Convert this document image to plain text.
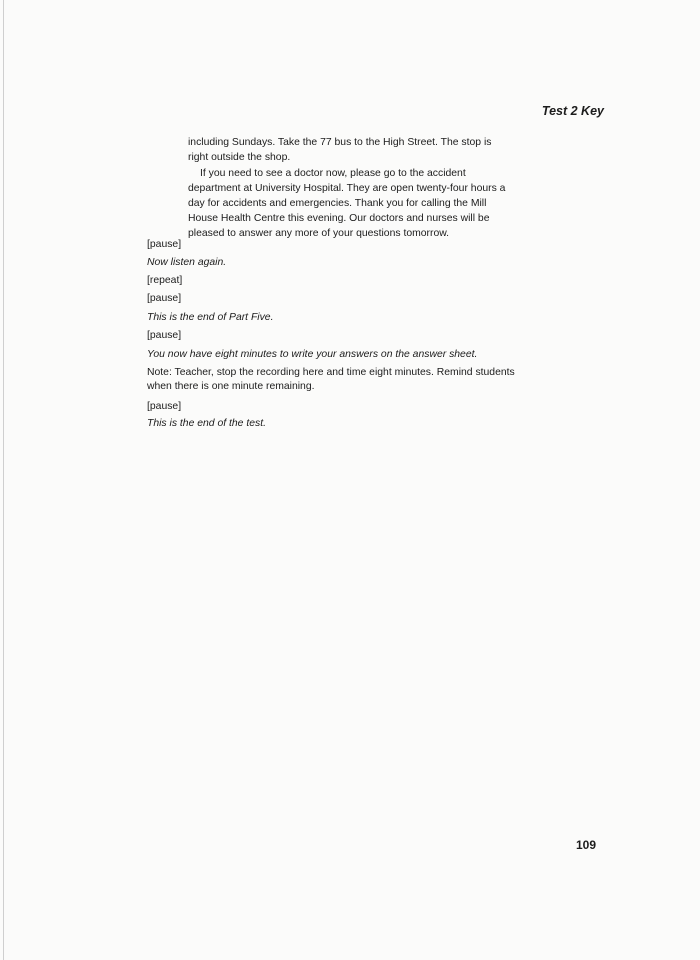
Test 2 Key
including Sundays. Take the 77 bus to the High Street. The stop is
right outside the shop.
If you need to see a doctor now, please go to the accident
department at University Hospital. They are open twenty-four hours a
day for accidents and emergencies. Thank you for calling the Mill
House Health Centre this evening. Our doctors and nurses will be
pleased to answer any more of your questions tomorrow.
[pause]
Now listen again.
[repeat]
[pause]
This is the end of Part Five.
[pause]
You now have eight minutes to write your answers on the answer sheet.
Note: Teacher, stop the recording here and time eight minutes. Remind students
when there is one minute remaining.
[pause]
This is the end of the test.
109
